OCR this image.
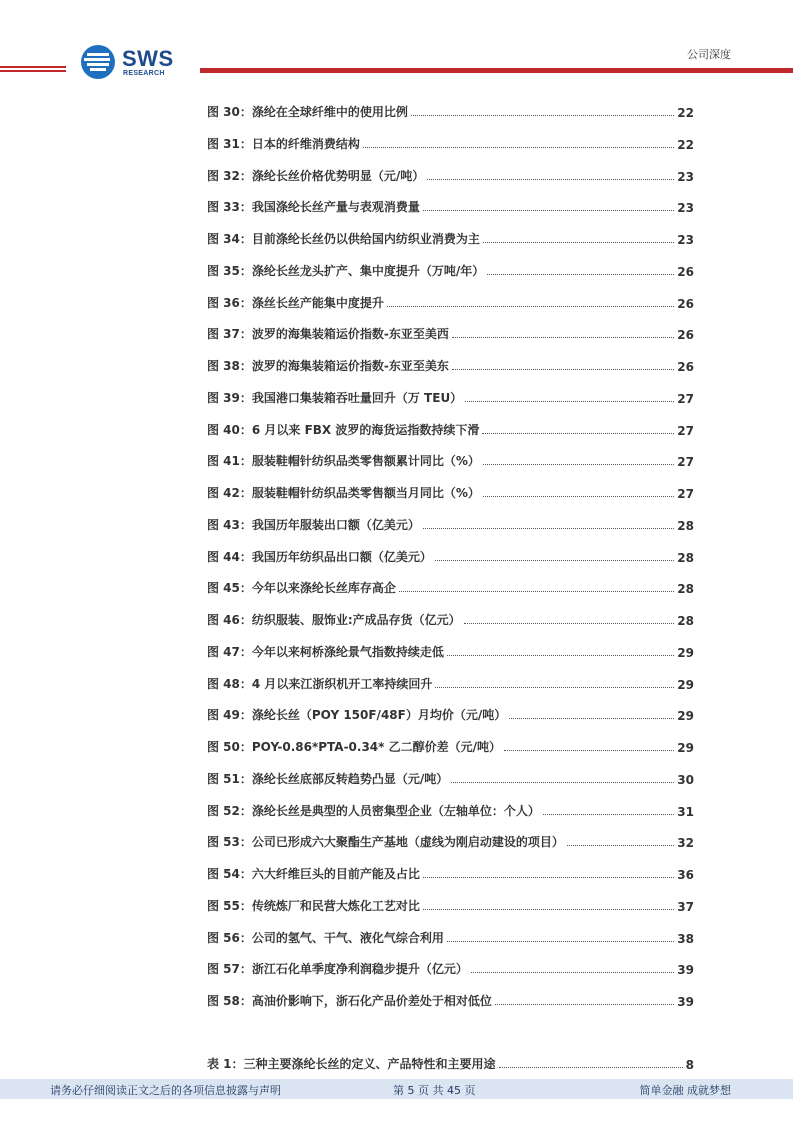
SWS
RESEARCH
公司深度
图 30：涤纶在全球纤维中的使用比例	22
图 31：日本的纤维消费结构	22
图 32：涤纶长丝价格优势明显（元/吨）	23
图 33：我国涤纶长丝产量与表观消费量	23
图 34：目前涤纶长丝仍以供给国内纺织业消费为主	23
图 35：涤纶长丝龙头扩产、集中度提升（万吨/年）	26
图 36：涤丝长丝产能集中度提升	26
图 37：波罗的海集装箱运价指数-东亚至美西	26
图 38：波罗的海集装箱运价指数-东亚至美东	26
图 39：我国港口集装箱吞吐量回升（万 TEU）	27
图 40：6 月以来 FBX 波罗的海货运指数持续下滑	27
图 41：服装鞋帽针纺织品类零售额累计同比（%）	27
图 42：服装鞋帽针纺织品类零售额当月同比（%）	27
图 43：我国历年服装出口额（亿美元）	28
图 44：我国历年纺织品出口额（亿美元）	28
图 45：今年以来涤纶长丝库存高企	28
图 46：纺织服装、服饰业:产成品存货（亿元）	28
图 47：今年以来柯桥涤纶景气指数持续走低	29
图 48：4 月以来江浙织机开工率持续回升	29
图 49：涤纶长丝（POY 150F/48F）月均价（元/吨）	29
图 50：POY-0.86*PTA-0.34* 乙二醇价差（元/吨）	29
图 51：涤纶长丝底部反转趋势凸显（元/吨）	30
图 52：涤纶长丝是典型的人员密集型企业（左轴单位：个人）	31
图 53：公司已形成六大聚酯生产基地（虚线为刚启动建设的项目）	32
图 54：六大纤维巨头的目前产能及占比	36
图 55：传统炼厂和民营大炼化工艺对比	37
图 56：公司的氢气、干气、液化气综合利用	38
图 57：浙江石化单季度净利润稳步提升（亿元）	39
图 58：高油价影响下，浙石化产品价差处于相对低位	39
表 1：三种主要涤纶长丝的定义、产品特性和主要用途	8
请务必仔细阅读正文之后的各项信息披露与声明	第 5 页 共 45 页	简单金融 成就梦想
